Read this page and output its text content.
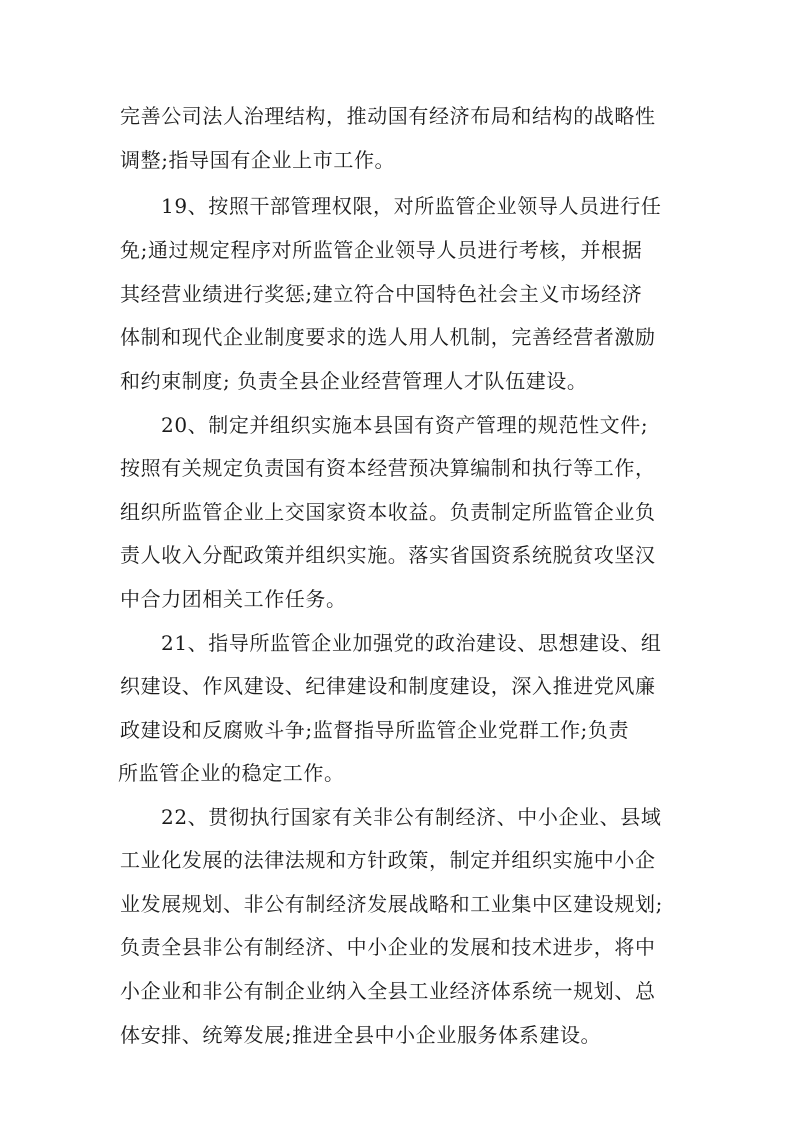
完善公司法人治理结构，推动国有经济布局和结构的战略性
调整;指导国有企业上市工作。
19、按照干部管理权限，对所监管企业领导人员进行任
免;通过规定程序对所监管企业领导人员进行考核，并根据
其经营业绩进行奖惩;建立符合中国特色社会主义市场经济
体制和现代企业制度要求的选人用人机制，完善经营者激励
和约束制度; 负责全县企业经营管理人才队伍建设。
20、制定并组织实施本县国有资产管理的规范性文件;
按照有关规定负责国有资本经营预决算编制和执行等工作，
组织所监管企业上交国家资本收益。负责制定所监管企业负
责人收入分配政策并组织实施。落实省国资系统脱贫攻坚汉
中合力团相关工作任务。
21、指导所监管企业加强党的政治建设、思想建设、组
织建设、作风建设、纪律建设和制度建设，深入推进党风廉
政建设和反腐败斗争;监督指导所监管企业党群工作;负责
所监管企业的稳定工作。
22、贯彻执行国家有关非公有制经济、中小企业、县域
工业化发展的法律法规和方针政策，制定并组织实施中小企
业发展规划、非公有制经济发展战略和工业集中区建设规划;
负责全县非公有制经济、中小企业的发展和技术进步，将中
小企业和非公有制企业纳入全县工业经济体系统一规划、总
体安排、统筹发展;推进全县中小企业服务体系建设。
